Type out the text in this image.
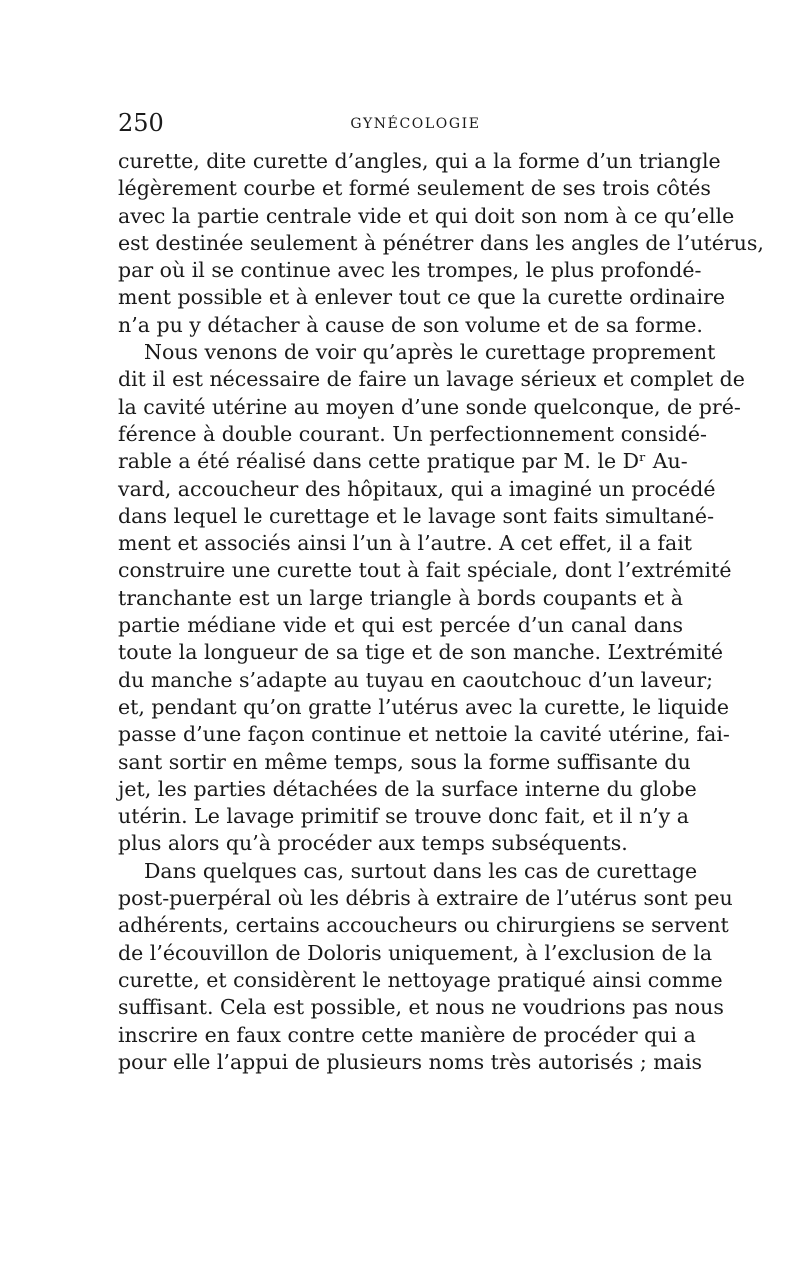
250	GYNÉCOLOGIE
curette, dite curette d’angles, qui a la forme d’un triangle
légèrement courbe et formé seulement de ses trois côtés
avec la partie centrale vide et qui doit son nom à ce qu’elle
est destinée seulement à pénétrer dans les angles de l’utérus,
par où il se continue avec les trompes, le plus profondé-
ment possible et à enlever tout ce que la curette ordinaire
n’a pu y détacher à cause de son volume et de sa forme.
Nous venons de voir qu’après le curettage proprement
dit il est nécessaire de faire un lavage sérieux et complet de
la cavité utérine au moyen d’une sonde quelconque, de pré-
férence à double courant. Un perfectionnement considé-
rable a été réalisé dans cette pratique par M. le Dʳ Au-
vard, accoucheur des hôpitaux, qui a imaginé un procédé
dans lequel le curettage et le lavage sont faits simultané-
ment et associés ainsi l’un à l’autre. A cet effet, il a fait
construire une curette tout à fait spéciale, dont l’extrémité
tranchante est un large triangle à bords coupants et à
partie médiane vide et qui est percée d’un canal dans
toute la longueur de sa tige et de son manche. L’extrémité
du manche s’adapte au tuyau en caoutchouc d’un laveur;
et, pendant qu’on gratte l’utérus avec la curette, le liquide
passe d’une façon continue et nettoie la cavité utérine, fai-
sant sortir en même temps, sous la forme suffisante du
jet, les parties détachées de la surface interne du globe
utérin. Le lavage primitif se trouve donc fait, et il n’y a
plus alors qu’à procéder aux temps subséquents.
Dans quelques cas, surtout dans les cas de curettage
post-puerpéral où les débris à extraire de l’utérus sont peu
adhérents, certains accoucheurs ou chirurgiens se servent
de l’écouvillon de Doloris uniquement, à l’exclusion de la
curette, et considèrent le nettoyage pratiqué ainsi comme
suffisant. Cela est possible, et nous ne voudrions pas nous
inscrire en faux contre cette manière de procéder qui a
pour elle l’appui de plusieurs noms très autorisés ; mais
